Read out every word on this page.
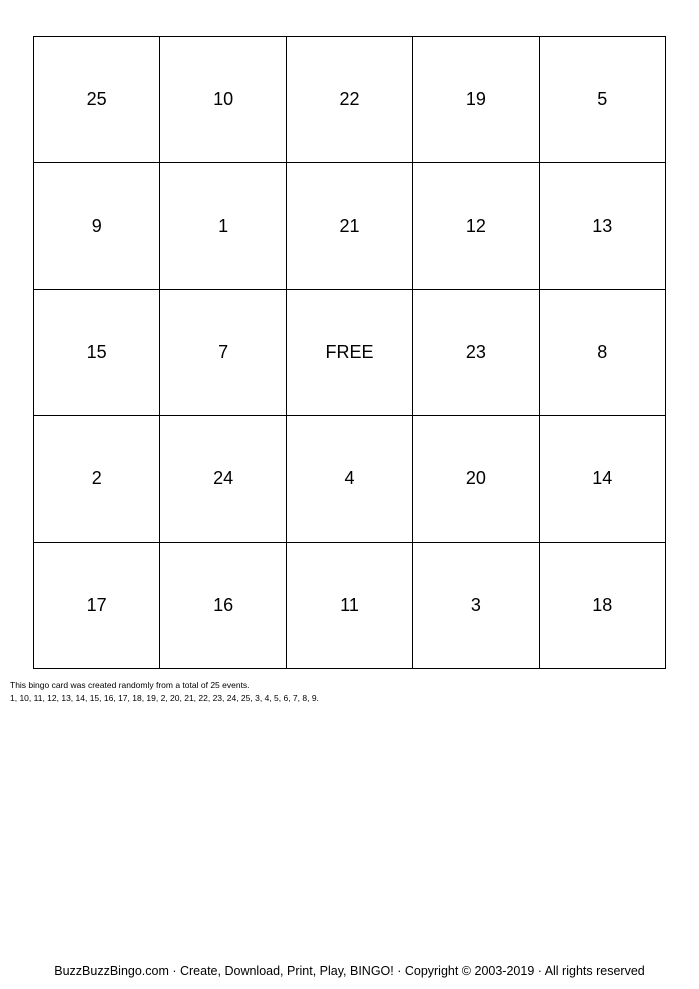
25	10	22	19	5
9	1	21	12	13
15	7	FREE	23	8
2	24	4	20	14
17	16	11	3	18
This bingo card was created randomly from a total of 25 events.
1, 10, 11, 12, 13, 14, 15, 16, 17, 18, 19, 2, 20, 21, 22, 23, 24, 25, 3, 4, 5, 6, 7, 8, 9.
BuzzBuzzBingo.com · Create, Download, Print, Play, BINGO! · Copyright © 2003-2019 · All rights reserved
